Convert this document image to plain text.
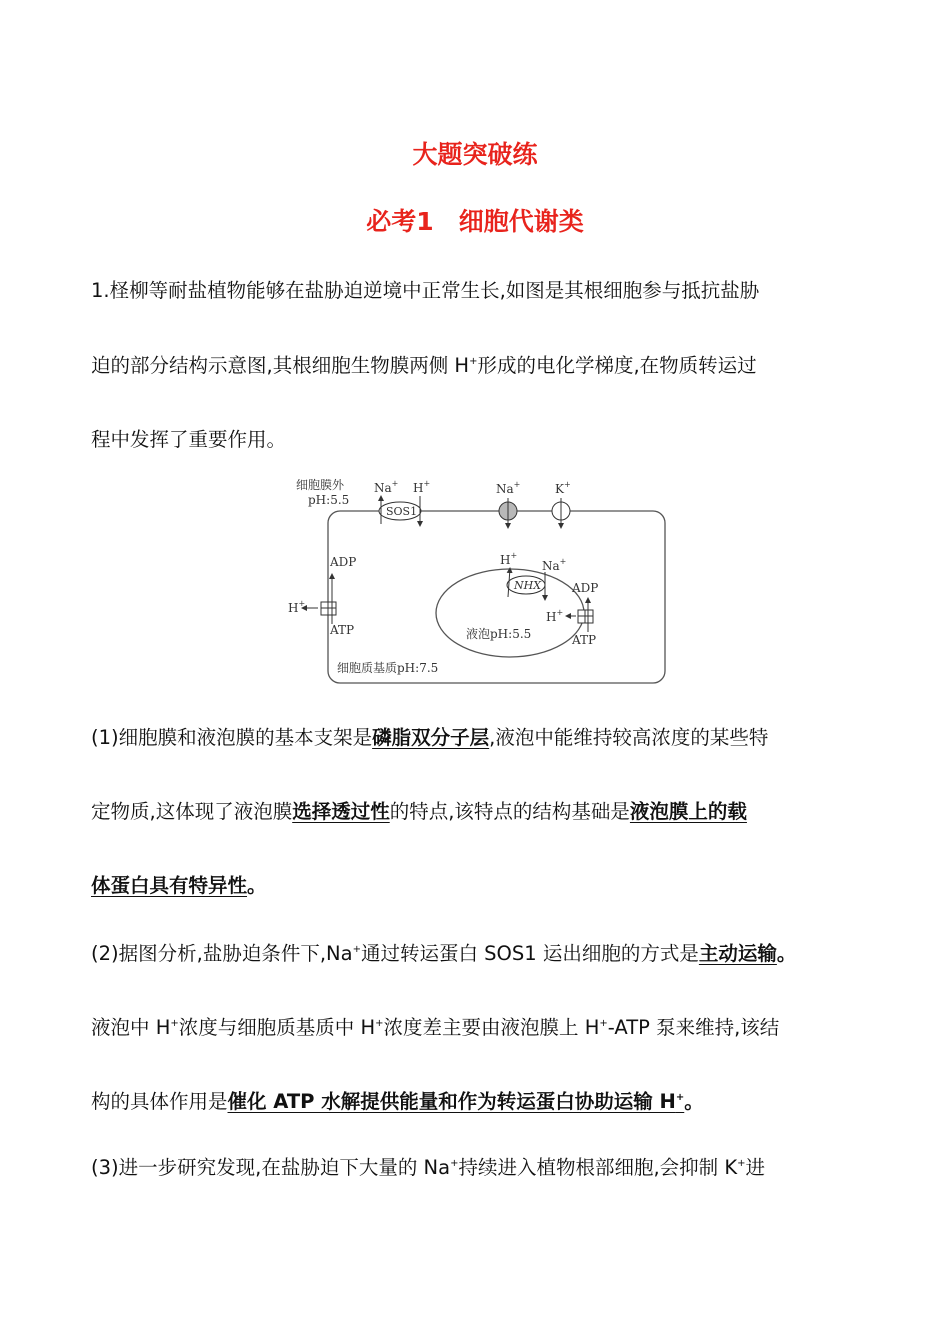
大题突破练
必考1　细胞代谢类
1.柽柳等耐盐植物能够在盐胁迫逆境中正常生长,如图是其根细胞参与抵抗盐胁
迫的部分结构示意图,其根细胞生物膜两侧 H+形成的电化学梯度,在物质转运过
程中发挥了重要作用。
细胞膜外
pH:5.5
SOS1
Na+ H+	Na+	K+
H+
ADP
ATP	液泡pH:5.5
NHX
H+
Na+
H+
ADP
ATP
细胞质基质pH:7.5
(1)细胞膜和液泡膜的基本支架是磷脂双分子层,液泡中能维持较高浓度的某些特
定物质,这体现了液泡膜选择透过性的特点,该特点的结构基础是液泡膜上的载
体蛋白具有特异性。
(2)据图分析,盐胁迫条件下,Na+通过转运蛋白 SOS1 运出细胞的方式是主动运输。
液泡中 H+浓度与细胞质基质中 H+浓度差主要由液泡膜上 H+-ATP 泵来维持,该结
构的具体作用是催化 ATP 水解提供能量和作为转运蛋白协助运输 H+。
(3)进一步研究发现,在盐胁迫下大量的 Na+持续进入植物根部细胞,会抑制 K+进
